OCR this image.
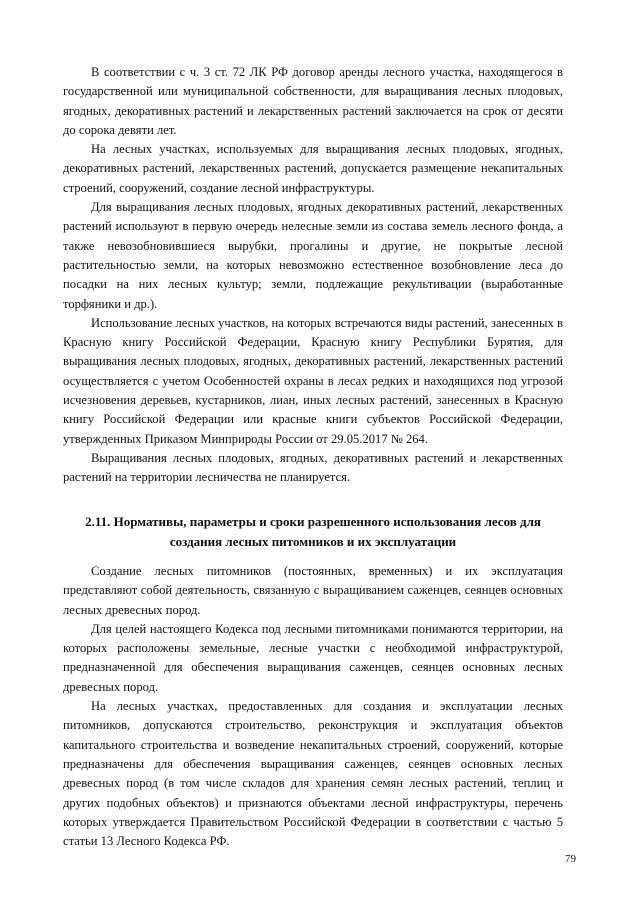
В соответствии с ч. 3 ст. 72 ЛК РФ договор аренды лесного участка, находящегося в государственной или муниципальной собственности, для выращивания лесных плодовых, ягодных, декоративных растений и лекарственных растений заключается на срок от десяти до сорока девяти лет.

На лесных участках, используемых для выращивания лесных плодовых, ягодных, декоративных растений, лекарственных растений, допускается размещение некапитальных строений, сооружений, создание лесной инфраструктуры.

Для выращивания лесных плодовых, ягодных декоративных растений, лекарственных растений используют в первую очередь нелесные земли из состава земель лесного фонда, а также невозобновившиеся вырубки, прогалины и другие, не покрытые лесной растительностью земли, на которых невозможно естественное возобновление леса до посадки на них лесных культур; земли, подлежащие рекультивации (выработанные торфяники и др.).

Использование лесных участков, на которых встречаются виды растений, занесенных в Красную книгу Российской Федерации, Красную книгу Республики Бурятия, для выращивания лесных плодовых, ягодных, декоративных растений, лекарственных растений осуществляется с учетом Особенностей охраны в лесах редких и находящихся под угрозой исчезновения деревьев, кустарников, лиан, иных лесных растений, занесенных в Красную книгу Российской Федерации или красные книги субъектов Российской Федерации, утвержденных Приказом Минприроды России от 29.05.2017 № 264.

Выращивания лесных плодовых, ягодных, декоративных растений и лекарственных растений на территории лесничества не планируется.

2.11. Нормативы, параметры и сроки разрешенного использования лесов для создания лесных питомников и их эксплуатации

Создание лесных питомников (постоянных, временных) и их эксплуатация представляют собой деятельность, связанную с выращиванием саженцев, сеянцев основных лесных древесных пород.

Для целей настоящего Кодекса под лесными питомниками понимаются территории, на которых расположены земельные, лесные участки с необходимой инфраструктурой, предназначенной для обеспечения выращивания саженцев, сеянцев основных лесных древесных пород.

На лесных участках, предоставленных для создания и эксплуатации лесных питомников, допускаются строительство, реконструкция и эксплуатация объектов капитального строительства и возведение некапитальных строений, сооружений, которые предназначены для обеспечения выращивания саженцев, сеянцев основных лесных древесных пород (в том числе складов для хранения семян лесных растений, теплиц и других подобных объектов) и признаются объектами лесной инфраструктуры, перечень которых утверждается Правительством Российской Федерации в соответствии с частью 5 статьи 13 Лесного Кодекса РФ.

79
